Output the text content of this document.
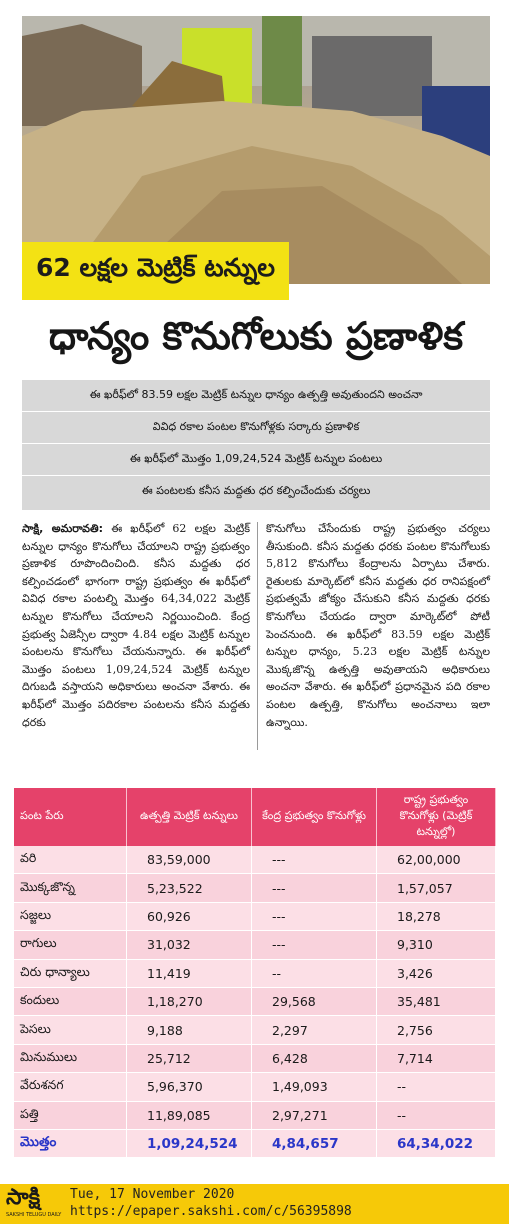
62 లక్షల మెట్రిక్ టన్నుల
ధాన్యం కొనుగోలుకు ప్రణాళిక
ఈ ఖరీఫ్‌లో 83.59 లక్షల మెట్రిక్ టన్నుల ధాన్యం ఉత్పత్తి అవుతుందని అంచనా
వివిధ రకాల పంటల కొనుగోళ్లకు సర్కారు ప్రణాళిక
ఈ ఖరీఫ్‌లో మొత్తం 1,09,24,524 మెట్రిక్ టన్నుల పంటలు
ఈ పంటలకు కనీస మద్దతు ధర కల్పించేందుకు చర్యలు
సాక్షి, అమరావతి: ఈ ఖరీఫ్‌లో 62 లక్షల మెట్రిక్ టన్నుల ధాన్యం కొనుగోలు చేయాలని రాష్ట్ర ప్రభుత్వం ప్రణాళిక రూపొందించింది. కనీస మద్దతు ధర కల్పించడంలో భాగంగా రాష్ట్ర ప్రభుత్వం ఈ ఖరీఫ్‌లో వివిధ రకాల పంటల్ని మొత్తం 64,34,022 మెట్రిక్ టన్నుల కొనుగోలు చేయాలని నిర్ణయించింది. కేంద్ర ప్రభుత్వ ఏజెన్సీల ద్వారా 4.84 లక్షల మెట్రిక్ టన్నుల పంటలను కొనుగోలు చేయనున్నారు. ఈ ఖరీఫ్‌లో మొత్తం పంటలు 1,09,24,524 మెట్రిక్ టన్నుల దిగుబడి వస్తాయని అధికారులు అంచనా వేశారు. ఈ ఖరీఫ్‌లో మొత్తం పదిరకాల పంటలను కనీస మద్దతు ధరకు
కొనుగోలు చేసేందుకు రాష్ట్ర ప్రభుత్వం చర్యలు తీసుకుంది. కనీస మద్దతు ధరకు పంటల కొనుగోలుకు 5,812 కొనుగోలు కేంద్రాలను ఏర్పాటు చేశారు. రైతులకు మార్కెట్‌లో కనీస మద్దతు ధర రానిపక్షంలో ప్రభుత్వమే జోక్యం చేసుకుని కనీస మద్దతు ధరకు కొనుగోలు చేయడం ద్వారా మార్కెట్‌లో పోటీ పెంచనుంది. ఈ ఖరీఫ్‌లో 83.59 లక్షల మెట్రిక్ టన్నుల ధాన్యం, 5.23 లక్షల మెట్రిక్ టన్నుల మొక్కజొన్న ఉత్పత్తి అవుతాయని అధికారులు అంచనా వేశారు. ఈ ఖరీఫ్‌లో ప్రధానమైన పది రకాల పంటల ఉత్పత్తి, కొనుగోలు అంచనాలు ఇలా ఉన్నాయి.
పంట పేరు	ఉత్పత్తి మెట్రిక్ టన్నులు	కేంద్ర ప్రభుత్వం కొనుగోళ్లు	రాష్ట్ర ప్రభుత్వం కొనుగోళ్లు (మెట్రిక్ టన్నుల్లో)
వరి	83,59,000	---	62,00,000
మొక్కజొన్న	5,23,522	---	1,57,057
సజ్జలు	60,926	---	18,278
రాగులు	31,032	---	9,310
చిరు ధాన్యాలు	11,419	--	3,426
కందులు	1,18,270	29,568	35,481
పెసలు	9,188	2,297	2,756
మినుములు	25,712	6,428	7,714
వేరుశనగ	5,96,370	1,49,093	--
పత్తి	11,89,085	2,97,271	--
మొత్తం	1,09,24,524	4,84,657	64,34,022
సాక్షి
SAKSHI TELUGU DAILY
Tue, 17 November 2020
https://epaper.sakshi.com/c/56395898
